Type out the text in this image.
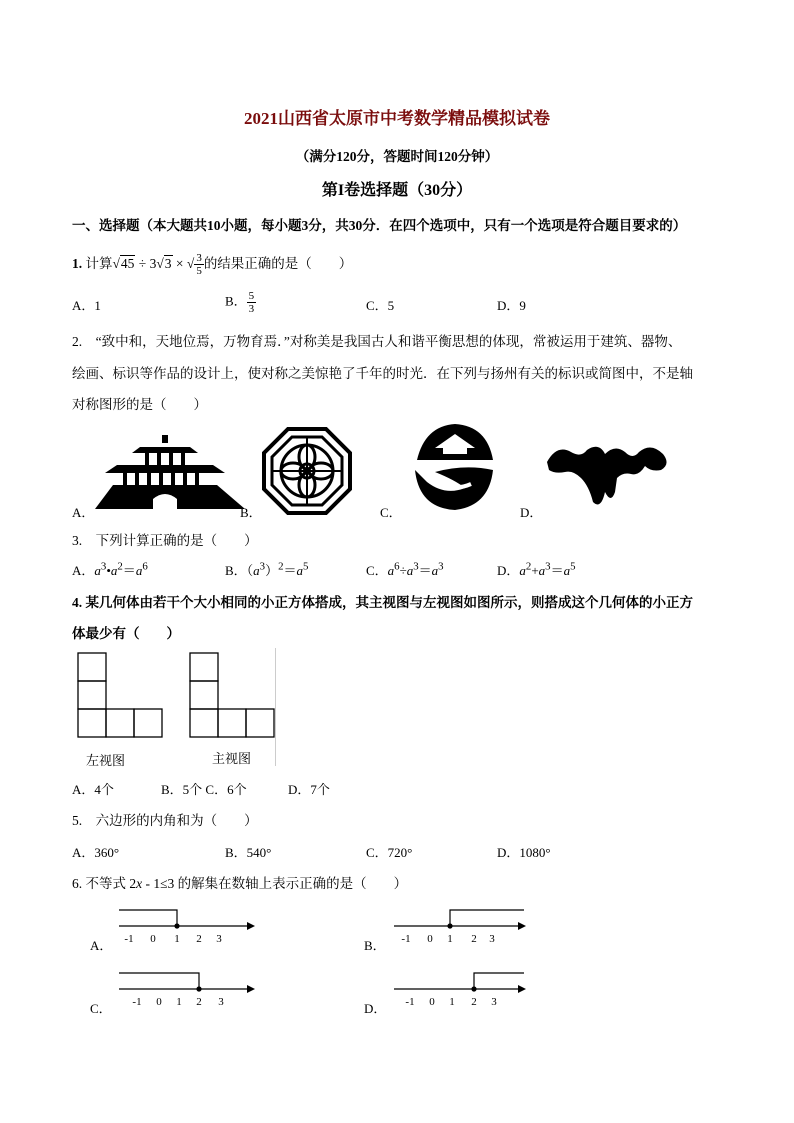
2021山西省太原市中考数学精品模拟试卷
（满分120分，答题时间120分钟）
第I卷选择题（30分）
一、选择题（本大题共10小题，每小题3分，共30分．在四个选项中，只有一个选项是符合题目要求的）
1. 计算√45 ÷ 3√3 × √ $\frac{3}{5}$ 的结果正确的是（　　）
A．1	B． $\frac{5}{3}$	C．5	D．9
2.　“致中和，天地位焉，万物育焉．”对称美是我国古人和谐平衡思想的体现，常被运用于建筑、器物、
绘画、标识等作品的设计上，使对称之美惊艳了千年的时光．在下列与扬州有关的标识或简图中，不是轴
对称图形的是（　　）
A．	B．	C．	D．
3.　下列计算正确的是（　　）
A．$a^3•a^2=a^6$	B．$(a^3)^2=a^5$	C．$a^6\div a^3=a^3$	D．$a^2+a^3=a^5$
4. 某几何体由若干个大小相同的小正方体搭成，其主视图与左视图如图所示，则搭成这个几何体的小正方
体最少有（　　）
左视图	主视图
A．4个	B．5个 C．6个	D．7个
5.　六边形的内角和为（　　）
A．360°	B．540°	C．720°	D．1080°
6. 不等式 2x - 1≤3 的解集在数轴上表示正确的是（　　）
A．	B．
C．	D．
-1 0 1 2 3	-1 0 1 2 3
-1 0 1 2 3	-1 0 1 2 3
